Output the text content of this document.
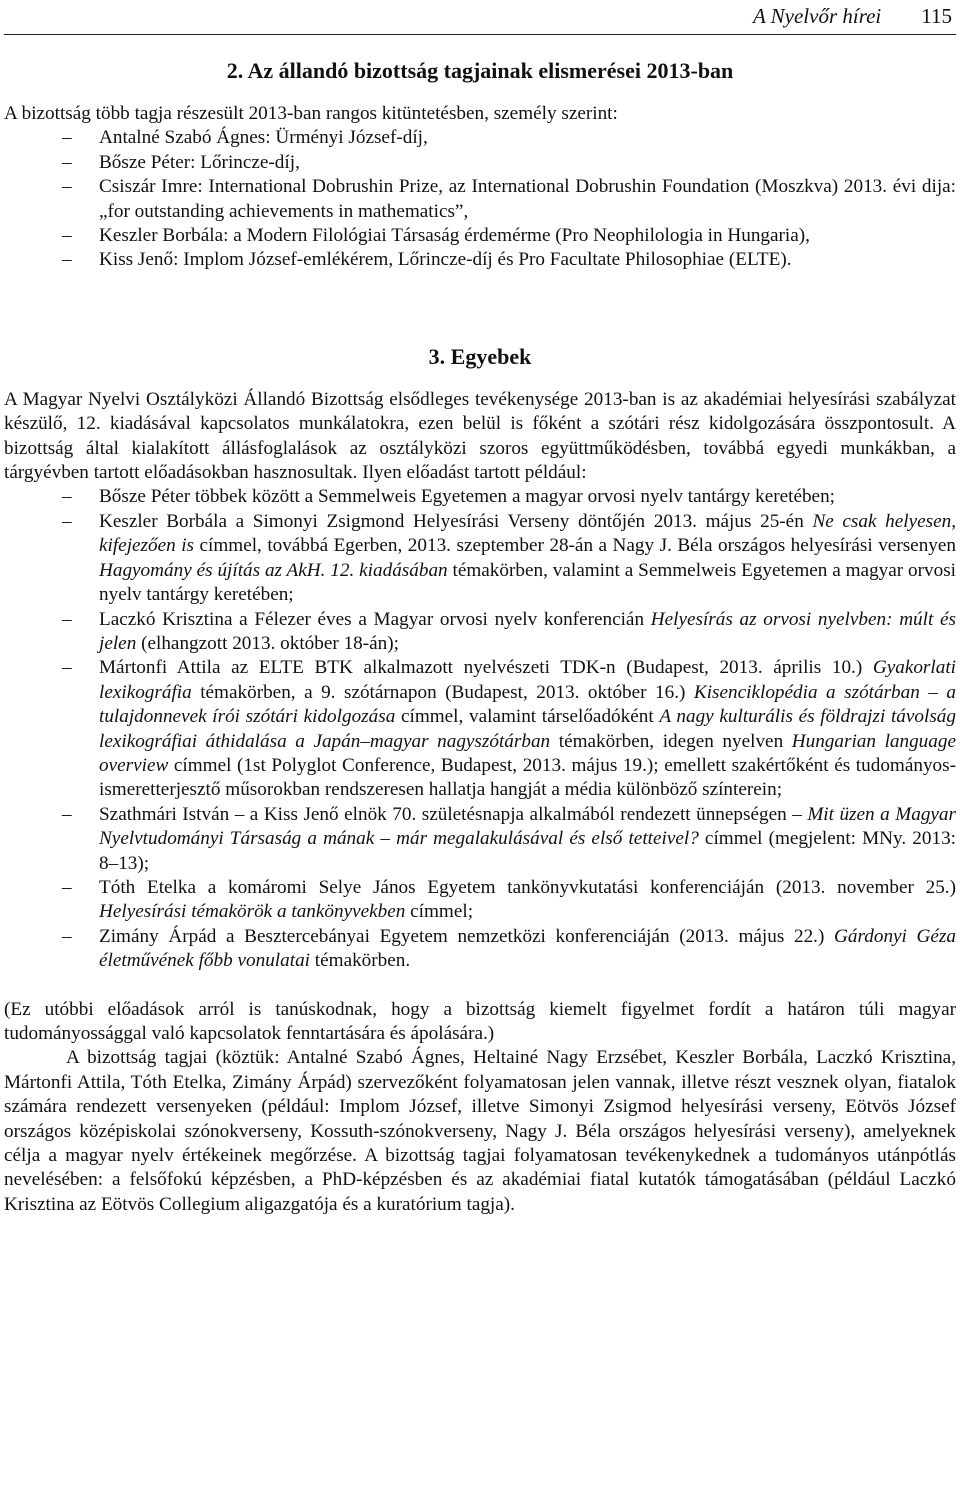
A Nyelvőr hírei 115
2. Az állandó bizottság tagjainak elismerései 2013-ban

A bizottság több tagja részesült 2013-ban rangos kitüntetésben, személy szerint:

– Antalné Szabó Ágnes: Ürményi József-díj,
– Bősze Péter: Lőrincze-díj,
– Csiszár Imre: International Dobrushin Prize, az International Dobrushin Foundation (Moszkva) 2013. évi dija: „for outstanding achievements in mathematics”,
– Keszler Borbála: a Modern Filológiai Társaság érdemérme (Pro Neophilologia in Hungaria),
– Kiss Jenő: Implom József-emlékérem, Lőrincze-díj és Pro Facultate Philosophiae (ELTE).
3. Egyebek

A Magyar Nyelvi Osztályközi Állandó Bizottság elsődleges tevékenysége 2013-ban is az akadémiai helyesírási szabályzat készülő, 12. kiadásával kapcsolatos munkálatokra, ezen belül is főként a szótári rész kidolgozására összpontosult. A bizottság által kialakított állásfoglalások az osztályközi szoros együttműködésben, továbbá egyedi munkákban, a tárgyévben tartott előadásokban hasznosultak. Ilyen előadást tartott például:

– Bősze Péter többek között a Semmelweis Egyetemen a magyar orvosi nyelv tantárgy keretében;
– Keszler Borbála a Simonyi Zsigmond Helyesírási Verseny döntőjén 2013. május 25-én Ne csak helyesen, kifejezően is címmel, továbbá Egerben, 2013. szeptember 28-án a Nagy J. Béla országos helyesírási versenyen Hagyomány és újítás az AkH. 12. kiadásában témakörben, valamint a Semmelweis Egyetemen a magyar orvosi nyelv tantárgy keretében;
– Laczkó Krisztina a Félezer éves a Magyar orvosi nyelv konferencián Helyesírás az orvosi nyelvben: múlt és jelen (elhangzott 2013. október 18-án);
– Mártonfi Attila az ELTE BTK alkalmazott nyelvészeti TDK-n (Budapest, 2013. április 10.) Gyakorlati lexikográfia témakörben, a 9. szótárnapon (Budapest, 2013. október 16.) Kisenciklopédia a szótárban – a tulajdonnevek írói szótári kidolgozása címmel, valamint társelőadóként A nagy kulturális és földrajzi távolság lexikográfiai áthidalása a Japán–magyar nagyszótárban témakörben, idegen nyelven Hungarian language overview címmel (1st Polyglot Conference, Budapest, 2013. május 19.); emellett szakértőként és tudományos-ismeretterjesztő műsorokban rendszeresen hallatja hangját a média különböző színterein;
– Szathmári István – a Kiss Jenő elnök 70. születésnapja alkalmából rendezett ünnepségen – Mit üzen a Magyar Nyelvtudományi Társaság a mának – már megalakulásával és első tetteivel? címmel (megjelent: MNy. 2013: 8–13);
– Tóth Etelka a komáromi Selye János Egyetem tankönyvkutatási konferenciáján (2013. november 25.) Helyesírási témakörök a tankönyvekben címmel;
– Zimány Árpád a Besztercebányai Egyetem nemzetközi konferenciáján (2013. május 22.) Gárdonyi Géza életművének főbb vonulatai témakörben.

(Ez utóbbi előadások arról is tanúskodnak, hogy a bizottság kiemelt figyelmet fordít a határon túli magyar tudományossággal való kapcsolatok fenntartására és ápolására.)

A bizottság tagjai (köztük: Antalné Szabó Ágnes, Heltainé Nagy Erzsébet, Keszler Borbála, Laczkó Krisztina, Mártonfi Attila, Tóth Etelka, Zimány Árpád) szervezőként folyamatosan jelen vannak, illetve részt vesznek olyan, fiatalok számára rendezett versenyeken (például: Implom József, illetve Simonyi Zsigmod helyesírási verseny, Eötvös József országos középiskolai szónokverseny, Kossuth-szónokverseny, Nagy J. Béla országos helyesírási verseny), amelyeknek célja a magyar nyelv értékeinek megőrzése. A bizottság tagjai folyamatosan tevékenykednek a tudományos utánpótlás nevelésében: a felsőfokú képzésben, a PhD-képzésben és az akadémiai fiatal kutatók támogatásában (például Laczkó Krisztina az Eötvös Collegium aligazgatója és a kuratórium tagja).
